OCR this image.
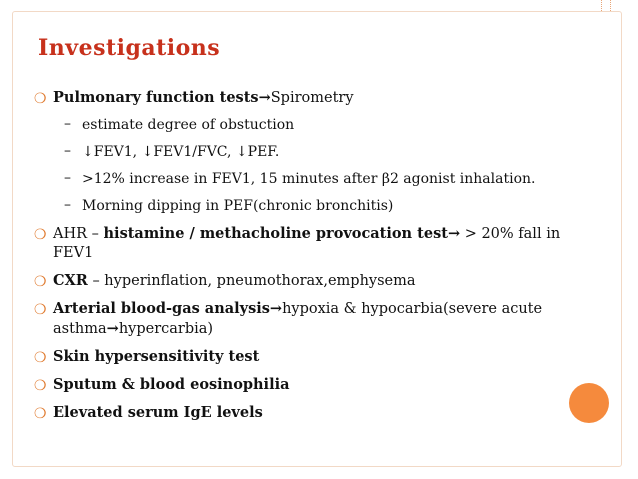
Investigations
❍ Pulmonary function tests→Spirometry
– estimate degree of obstuction
– ↓FEV1, ↓FEV1/FVC, ↓PEF.
– >12% increase in FEV1, 15 minutes after β2 agonist inhalation.
– Morning dipping in PEF(chronic bronchitis)
❍ AHR – histamine / methacholine provocation test→ > 20% fall in FEV1
❍ CXR – hyperinflation, pneumothorax,emphysema
❍ Arterial blood-gas analysis→hypoxia & hypocarbia(severe acute asthma→hypercarbia)
❍ Skin hypersensitivity test
❍ Sputum & blood eosinophilia
❍ Elevated serum IgE levels
